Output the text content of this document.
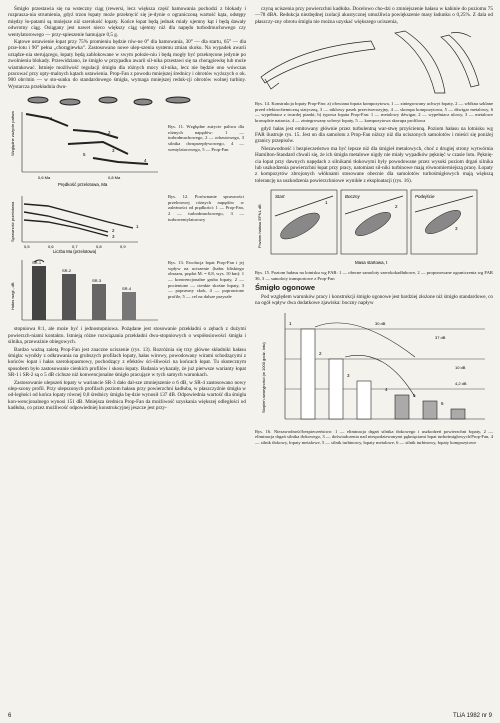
Śmigło przestawia się na wsteczny ciąg (rewersi, lecz większa część hamowania pochodzi z blokady i rozprasza-nia strumienia, gdyż trzon łopaty może przekręcić się je-dynie o ograniczoną wartość kąta, odstępy między ło-patami są mniejsze niż szerokość łopaty. Końce łopat będą jednak miały ujemny kąt i będą dawały odwrotny ciąg. Osiągany jest nawet nieco większy ciąg ujemny niż dla napędu turbodmuchowego czy wentylatorowego — przy-spieszenie hamujące 0,5 g.

Kątowe ustawienie łopat przy 75% promieniu będzie rów-ne 0° dla hamowania, 30° — dla startu, 65° — dla prze-lotu i 90° pełna „chorągiewka”. Zastosowano nowe ulep-szenia systemu zmian skoku. Na wypadek awarii urządze-nia sterującego, łopaty będą zablokowane w swym położe-niu i będą mogły być przekręcone jedynie po zwolnieniu blokady. Przewidziano, że śmigło w przypadku awarii sil-nika przestawi się na chorągiewkę lub może wiatrakować. Istnieje możliwość regulacji śmigła dla różnych mocy sil-nika, lecz nie będzie ono wówczas pracować przy opty-malnych kątach ustawienia. Prop-Fan z powodu mniejszej średnicy i obrotów wyższych o ok. 900 obr/min — w sto-sunku do standardowego śmigła, wymaga mniejszej reduk-cji obrotów wolnej turbiny. Wystarcza przekładnia dwu-

Względne zużycie paliwa
0,6 Ma	0,8 Ma
Prędkość przelotowa, Ma
1
2
3
4
5
Rys. 11. Względne zużycie paliwa dla różnych napędów: 1 — turbodmuchowego, 2 — odrzutowego, 3 silnika dwuprzepływowego, 4 — wentylatorowego, 5 — Prop-Fan
Sprawność przelotowa
0,5	0,6	0,7	0,8	0,9
Liczba Ma (przelotowa)
1
2
3
Rys. 12. Porównanie sprawności przelotowej różnych napędów w zależności od prędkości: 1 — Prop-Fan, 2 — turbodmuchowego, 3 — turbowentylatorowy
Hałas wzgl., dB
SR-1
SR-2
SR-3
SR-4
Rys. 13. Ewolucja łopat Prop-Fan i jej wpływ na uciszenie (hałas bliskiego obszaru, prędot M. = 0,8, wys. 10 km): 1 — konwencjonalne gruba łopaty, 2 — pocienione — cienkie skośne łopaty, 3 — poprawny skok, 4 — poprawione profile, 5 — cel na dalsze przyszłe

stopniowa 8:1, ale może być i jednostopniowa. Pożądane jest stosowanie przekładni o zębach z dużymi powierzch-niami kontaktu. Istnieją różne rozwiązania przekładni dwu-stopniowych o współosiowości śmigła i silnika, przeważnie obiegowych.

Bardzo ważną zaletą Prop-Fan jest znaczne uciszenie (rys. 13). Rozróżnia się trzy główne składniki hałasu śmigła: wynikły z odkrawania na grubszych profilach łopaty, hałas wirowy, powodowany wirami schodzącymi z końców łopat i hałas szerokopasmowy, pochodzący z efektów ści-śliwości na końcach łopat. Tu skutecznym sposobem było zastosowanie cienkich profilów i skosu łopaty. Badania wykazały, że już pierwsze warianty łopat SR-1 i SR-2 są o 5 dB cichsze niż konwencjonalne śmigło pracujące w tych samych warunkach.

Zastosowanie ulepszeń łopaty w wariancie SR-3 dało dal-sze zmniejszenie o 6 dB, w SR-4 zastosowano nowy ulep-szony profil. Przy ulepszonych profilach poziom hałasu przy powierzchni kadłuba, w płaszczyźnie śmigła w od-ległości od końca łopaty równej 0,8 średnicy śmigła bę-dzie wynosił 137 dB. Odpowiednia wartość dla śmigła kon-wencjonalnego wynosi 151 dB. Mniejsza średnica Prop-Fan da możliwość uzyskania większej odległości od kadłuba, co przez możliwość odpowiedniej konstrukcyjnej jeszcze jest przy-

czyną uciszenia przy powierzchni kadłuba. Docelowo cho-dzi o zmniejszenie hałasu w kabinie do poziomu 75—78 dBA. Redukcja niezbędnej izolacji akustycznej umożliwia powiększenie masy ładunku o 0,25%. Z dala od płaszczy-zny obrotu śmigła nie można uzyskać większego uciszenia,

Rys. 14. Konstrukcja łopaty Prop-Fan: a) ołowiana łopata kompozytowa, 1 — zintegrowany uchwyt łopaty, 2 — włókna szklane przed elektrochemiczną statyczną, 3 — niklowy pasek przeciwerozyjny, 4 — skorupa kompozytowa, 5 — dźwigar metalowy, 6 — wypełniacz z twardej pianki; b) typowa łopata Prop-Fan: 1 — metalowy dźwigar, 2 — wypełniacz ulowy, 3 — metalowe krawędzie natarcia, 4 — zintegrowany uchwyt łopaty, 5 — kompozytowa skorupa profilowa

gdyż hałas jest emitowany głównie przez turbulentną war-stwę przyścienną. Poziom hałasu na lotnisku wg FAR ilustruje rys. 15. Jest on dla samolotu z Prop-Fan niższy niż dla uciszonych samolotów i mieści się poniżej granicy przepisów.

Niezawodność i bezpieczeństwo ma być lepsze niż dla śmigieł metalowych, choć z drugiej strony wytwórnia Hamilton-Standard chwali się, że ich śmigła metalowe nigdy nie miały wypadków pęknięć w czasie lotu. Pęknię-cia łopat przy dawnych napędach z silnikami tłokowymi były powodowane przez wysoki poziom drgań silnika lub uszkodzenia powierzchni łopat przy pracy, natomiast sil-niki turbinowe mają równomierniejszą pracę. Łopaty z kompozytów zbrojonych włóknami stosowane obecnie dla samolotów turbośmigłowych mają większą tolerancję na uszkodzenia powierzchniowe wynikłe z eksploatacji (rys. 16).

Poziom hałasu EPNL dB
Start	Boczny	Podejście
Masa startowa, t
1
2
3
Rys. 15. Poziom hałasu na lotnisku wg FAR: 1 — obecne samoloty szerokokadłubowe, 2 — proponowane ograniczenia wg FAR 36, 3 — samoloty transportowe z Prop-Fan
Śmigło ogonowe

Pod względem warunków pracy i konstrukcji śmigło ogonowe jest bardziej złożone niż śmigło standardowe, co na ogół wpływ dwa dodatkowe zjawiska: boczny napływ

Stopień awaryjności (w 1000 godz. lotu)
1
2
3
4
5
6
30 dB
37 dB
10 dB
4,2 dB
Rys. 16. Niezawodność/bezpieczeństwo: 1 — eliminacja drgań silnika tłokowego i uszkodzeń powierzchni łopaty, 2 — eliminacja drgań silnika tłokowego, 3 — doświadczenia nad niespodziewanymi pęknięciami łopat turbośmigłowych/Prop-Fan, 4 — silnik tłokowy, łopaty metalowe, 5 — silnik turbinowy, łopaty metalowe, 6 — silnik turbinowy, łopaty kompozytowe
6	TLiA 1982 nr 9
